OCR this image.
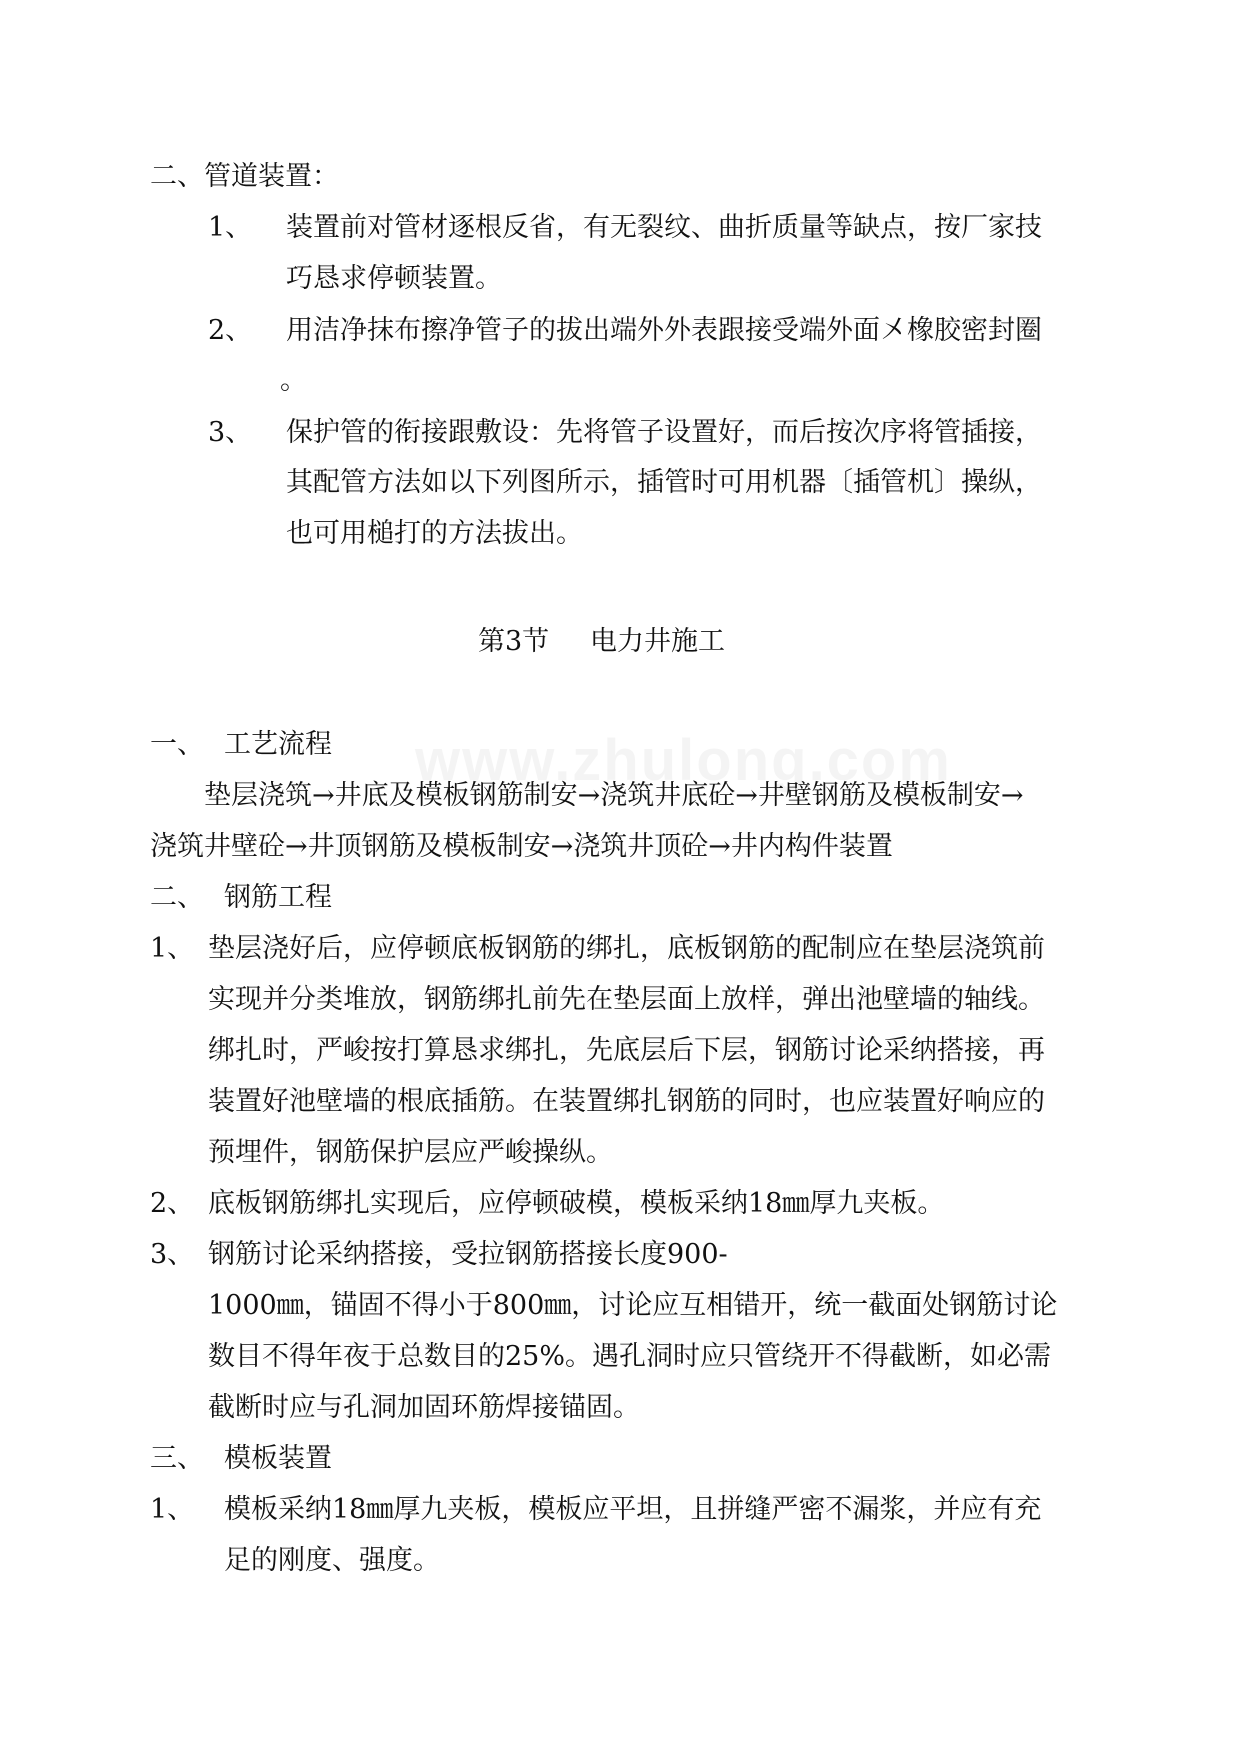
二、管道装置：
1、 装置前对管材逐根反省，有无裂纹、曲折质量等缺点，按厂家技
巧恳求停顿装置。
2、 用洁净抹布擦净管子的拔出端外外表跟接受端外面㐅橡胶密封圈
。
3、 保护管的衔接跟敷设：先将管子设置好，而后按次序将管插接，
其配管方法如以下列图所示，插管时可用机器〔插管机〕操纵，
也可用槌打的方法拔出。
第3节 电力井施工
一、 工艺流程
垫层浇筑→井底及模板钢筋制安→浇筑井底砼→井壁钢筋及模板制安→
浇筑井壁砼→井顶钢筋及模板制安→浇筑井顶砼→井内构件装置
二、 钢筋工程
1、 垫层浇好后，应停顿底板钢筋的绑扎，底板钢筋的配制应在垫层浇筑前
实现并分类堆放，钢筋绑扎前先在垫层面上放样，弹出池壁墙的轴线。
绑扎时，严峻按打算恳求绑扎，先底层后下层，钢筋讨论采纳搭接，再
装置好池壁墙的根底插筋。在装置绑扎钢筋的同时，也应装置好响应的
预埋件，钢筋保护层应严峻操纵。
2、 底板钢筋绑扎实现后，应停顿破模，模板采纳18㎜厚九夹板。
3、 钢筋讨论采纳搭接，受拉钢筋搭接长度900-
1000㎜，锚固不得小于800㎜，讨论应互相错开，统一截面处钢筋讨论
数目不得年夜于总数目的25%。遇孔洞时应只管绕开不得截断，如必需
截断时应与孔洞加固环筋焊接锚固。
三、 模板装置
1、 模板采纳18㎜厚九夹板，模板应平坦，且拼缝严密不漏浆，并应有充
足的刚度、强度。
